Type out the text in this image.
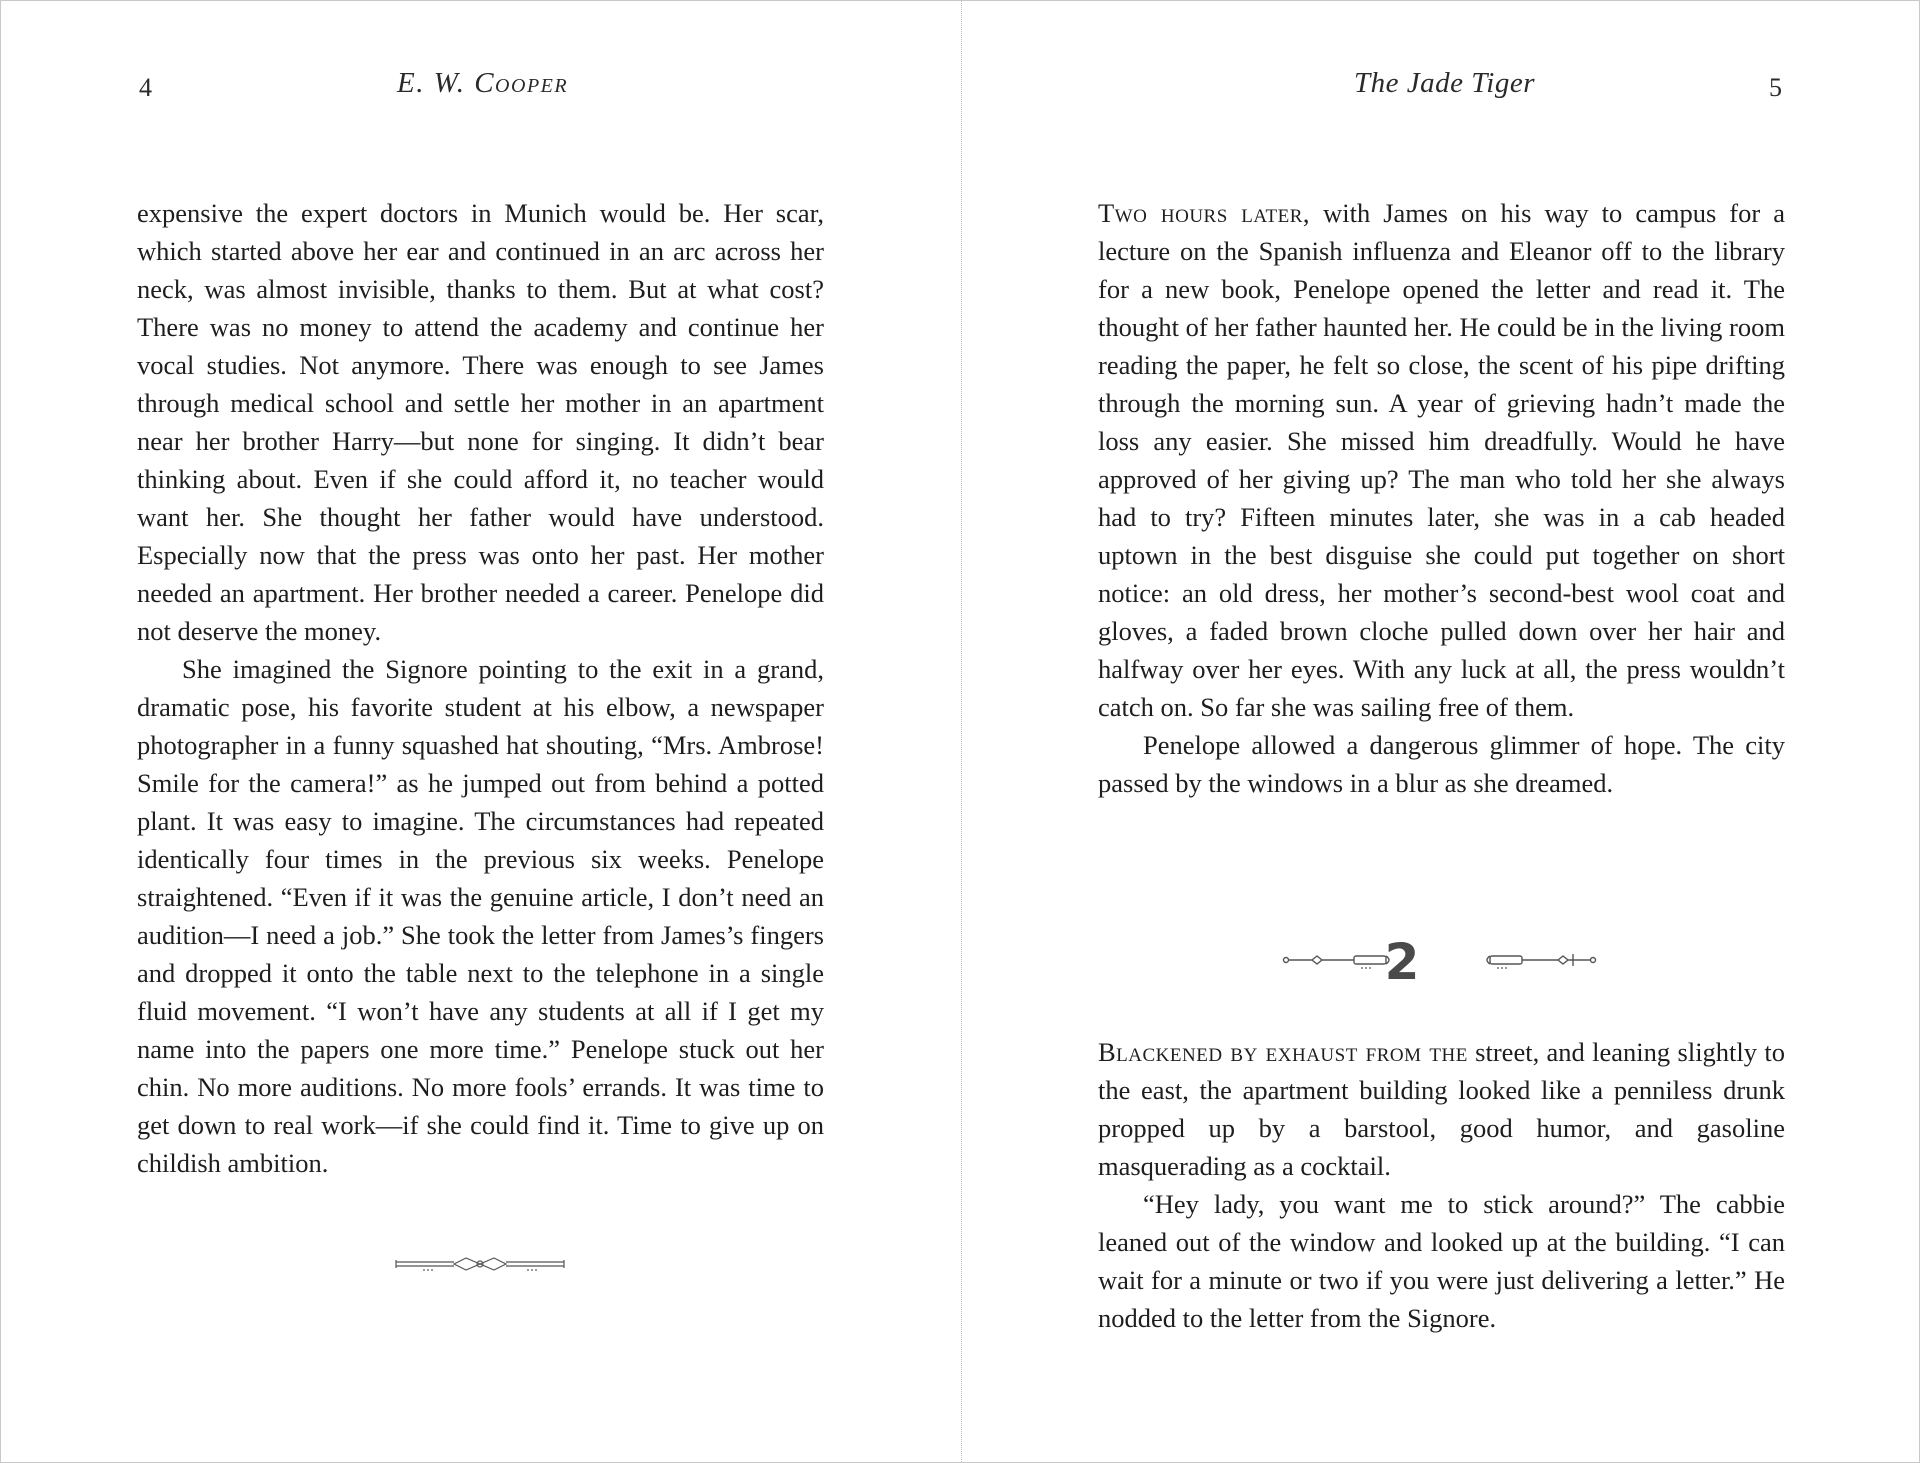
4	E. W. Cooper

expensive the expert doctors in Munich would be. Her scar, which started above her ear and continued in an arc across her neck, was almost invisible, thanks to them. But at what cost? There was no money to attend the academy and continue her vocal studies. Not anymore. There was enough to see James through medical school and settle her mother in an apartment near her brother Harry—but none for singing. It didn’t bear thinking about. Even if she could afford it, no teacher would want her. She thought her father would have understood. Especially now that the press was onto her past. Her mother needed an apartment. Her brother needed a career. Penelope did not deserve the money.

She imagined the Signore pointing to the exit in a grand, dramatic pose, his favorite student at his elbow, a newspaper photographer in a funny squashed hat shouting, “Mrs. Ambrose! Smile for the camera!” as he jumped out from behind a potted plant. It was easy to imagine. The circumstances had repeated identically four times in the previous six weeks. Penelope straightened. “Even if it was the genuine article, I don’t need an audition—I need a job.” She took the letter from James’s fingers and dropped it onto the table next to the telephone in a single fluid movement. “I won’t have any students at all if I get my name into the papers one more time.” Penelope stuck out her chin. No more auditions. No more fools’ errands. It was time to get down to real work—if she could find it. Time to give up on childish ambition.

The Jade Tiger	5

Two hours later, with James on his way to campus for a lecture on the Spanish influenza and Eleanor off to the library for a new book, Penelope opened the letter and read it. The thought of her father haunted her. He could be in the living room reading the paper, he felt so close, the scent of his pipe drifting through the morning sun. A year of grieving hadn’t made the loss any easier. She missed him dreadfully. Would he have approved of her giving up? The man who told her she always had to try? Fifteen minutes later, she was in a cab headed uptown in the best disguise she could put together on short notice: an old dress, her mother’s second-best wool coat and gloves, a faded brown cloche pulled down over her hair and halfway over her eyes. With any luck at all, the press wouldn’t catch on. So far she was sailing free of them.

Penelope allowed a dangerous glimmer of hope. The city passed by the windows in a blur as she dreamed.

2

Blackened by exhaust from the street, and leaning slightly to the east, the apartment building looked like a penniless drunk propped up by a barstool, good humor, and gasoline masquerading as a cocktail.

“Hey lady, you want me to stick around?” The cabbie leaned out of the window and looked up at the building. “I can wait for a minute or two if you were just delivering a letter.” He nodded to the letter from the Signore.
